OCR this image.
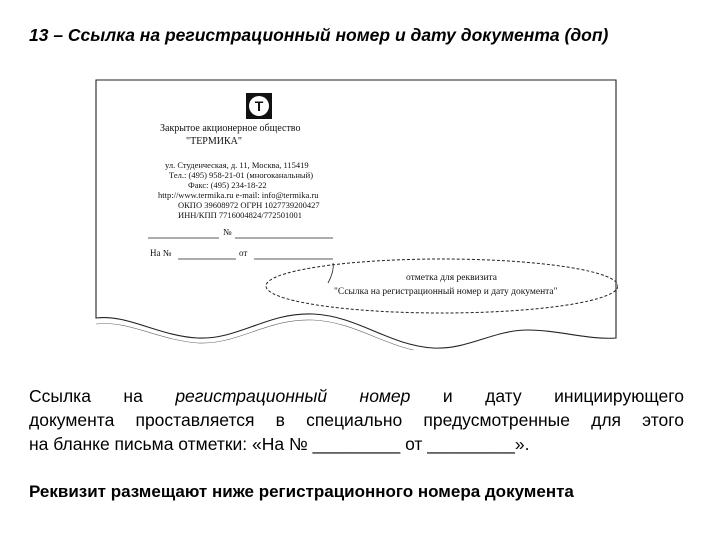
13 – Ссылка на регистрационный номер и дату документа (доп)
T
Закрытое акционерное общество
"ТЕРМИКА"
ул. Студенческая, д. 11, Москва, 115419
Тел.: (495) 958-21-01 (многоканальный)
Факс: (495) 234-18-22
http://www.termika.ru e-mail: info@termika.ru
ОКПО 39608972 ОГРН 1027739200427
ИНН/КПП 7716004824/772501001
№
На №	от
отметка для реквизита
"Ссылка на регистрационный номер и дату документа"
Ссылка на регистрационный номер и дату инициирующего
документа проставляется в специально предусмотренные для этого
на бланке письма отметки: «На № _________ от _________».
Реквизит размещают ниже регистрационного номера документа
